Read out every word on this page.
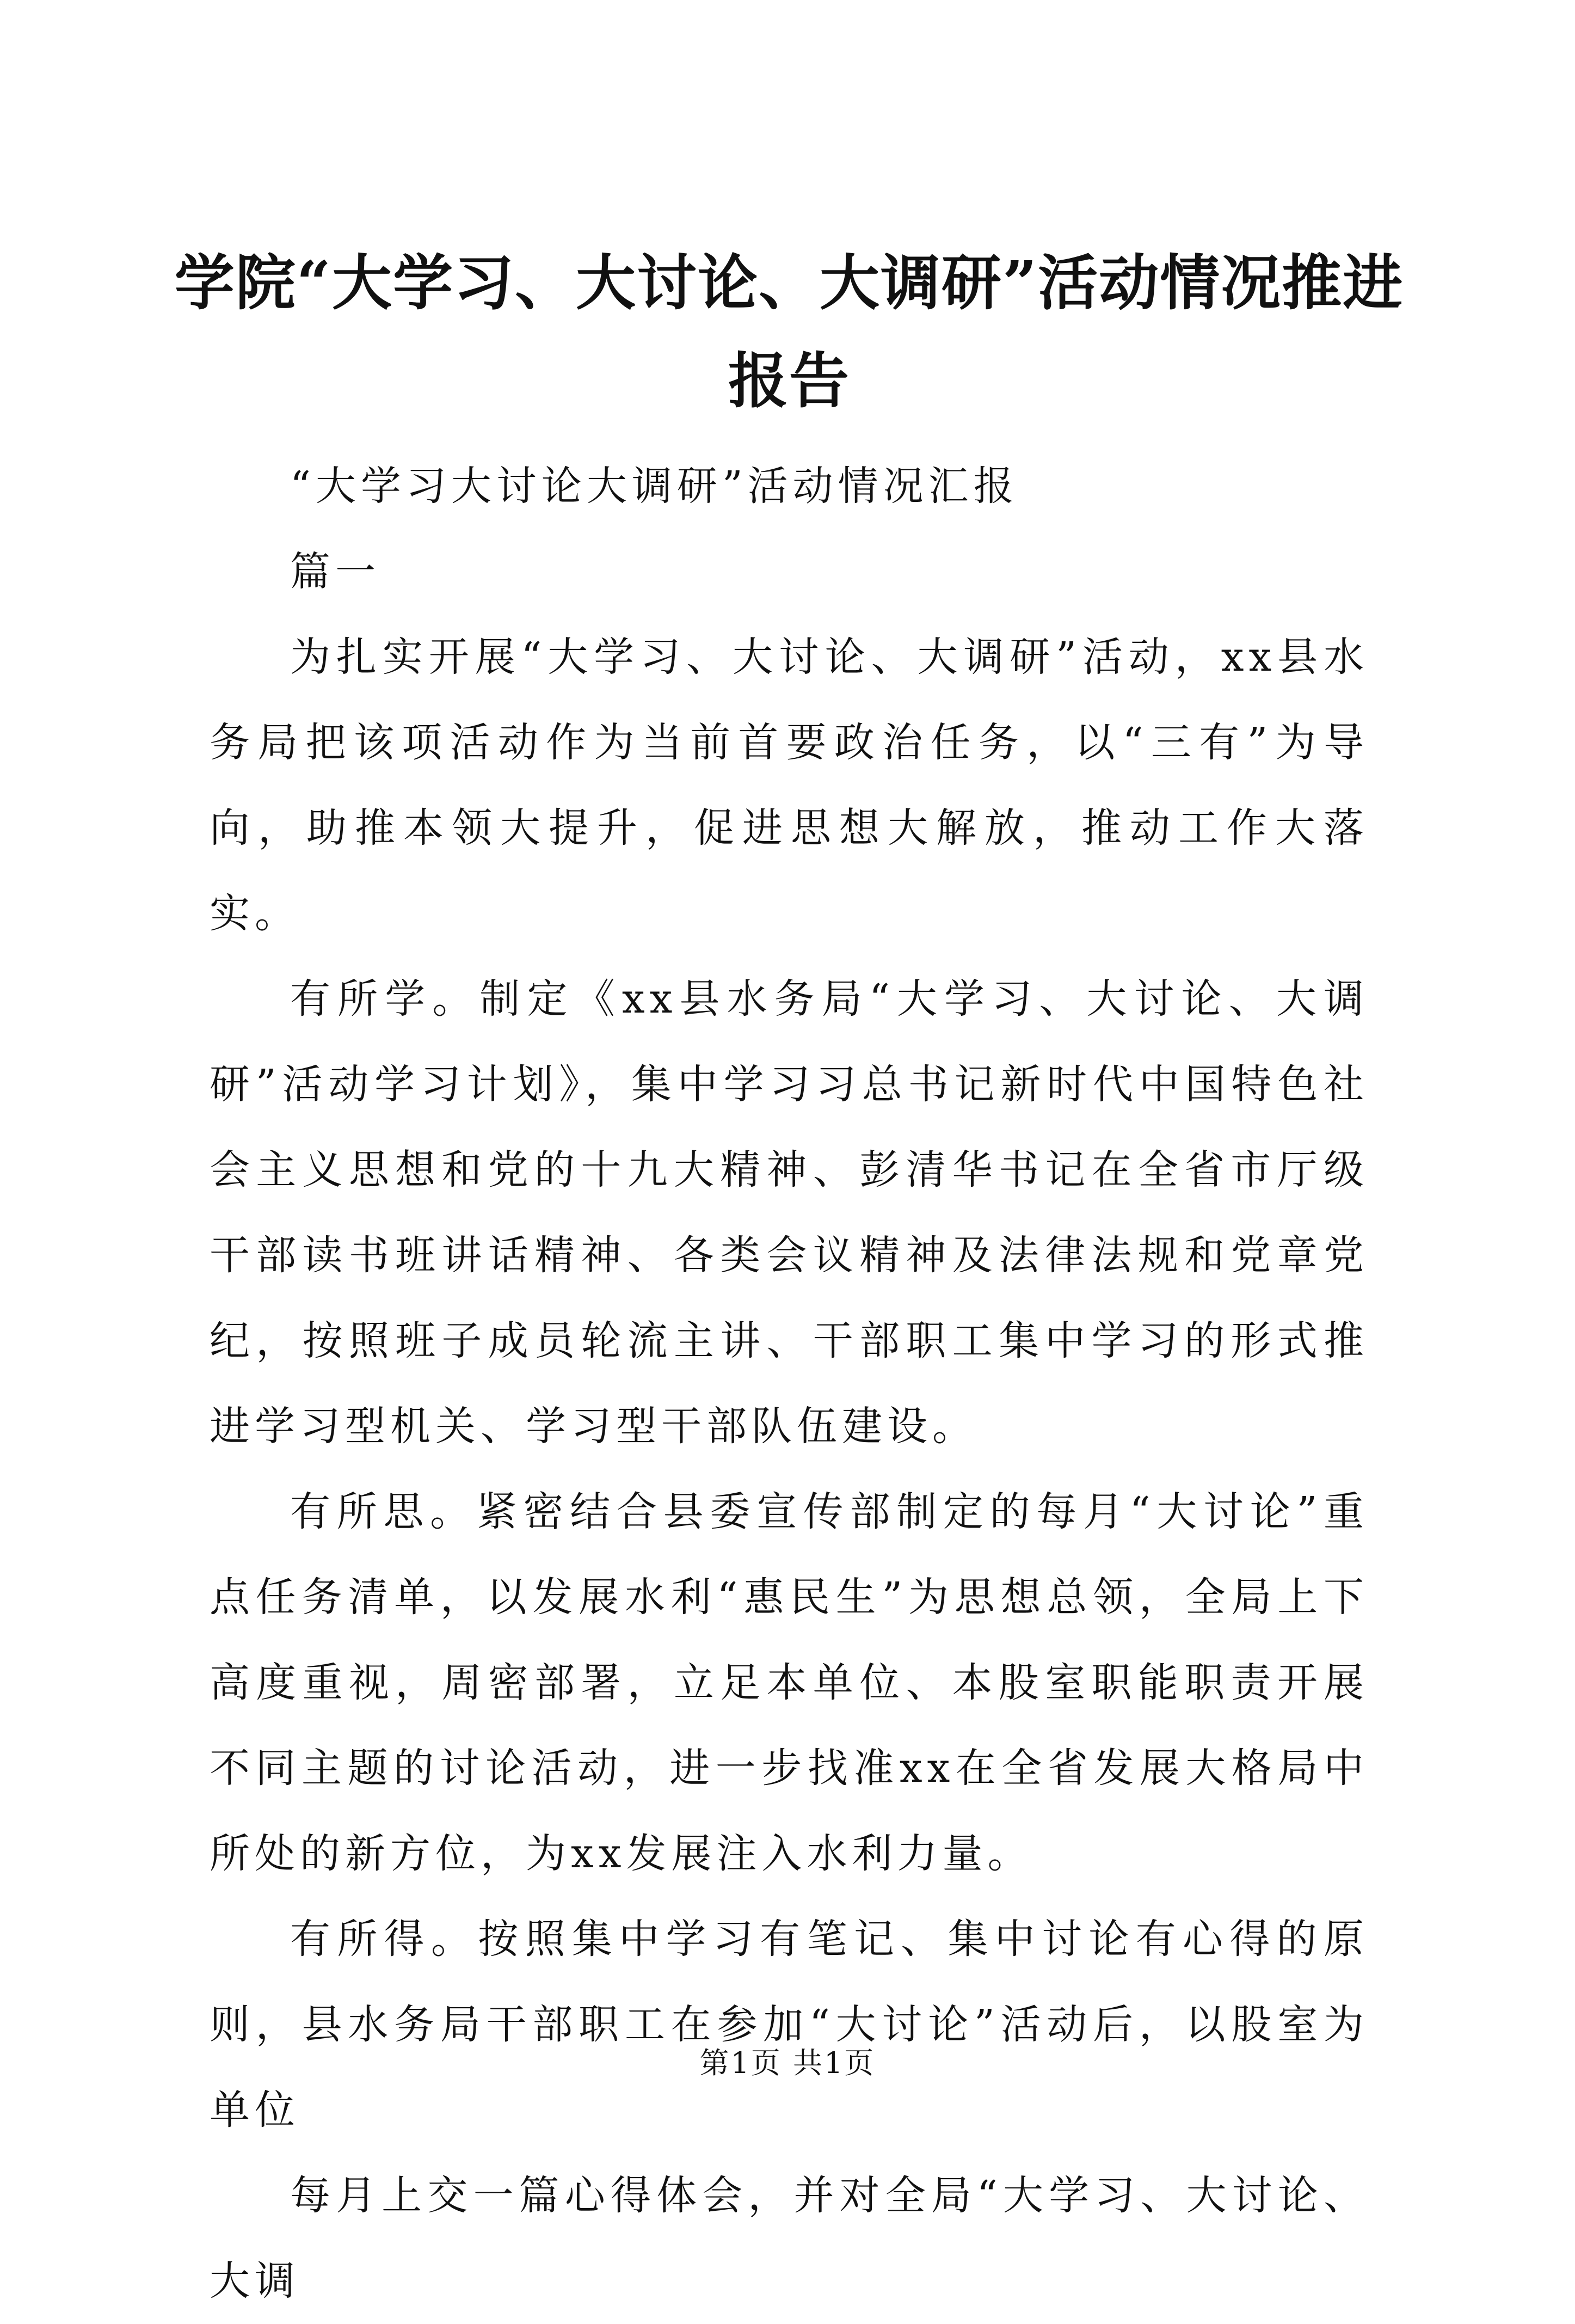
学院“大学习、大讨论、大调研”活动情况推进报告

“大学习大讨论大调研”活动情况汇报

篇一

为扎实开展“大学习、大讨论、大调研”活动，xx县水务局把该项活动作为当前首要政治任务，以“三有”为导向，助推本领大提升，促进思想大解放，推动工作大落实。

有所学。制定《xx县水务局“大学习、大讨论、大调研”活动学习计划》，集中学习习总书记新时代中国特色社会主义思想和党的十九大精神、彭清华书记在全省市厅级干部读书班讲话精神、各类会议精神及法律法规和党章党纪，按照班子成员轮流主讲、干部职工集中学习的形式推进学习型机关、学习型干部队伍建设。

有所思。紧密结合县委宣传部制定的每月“大讨论”重点任务清单，以发展水利“惠民生”为思想总领，全局上下高度重视，周密部署，立足本单位、本股室职能职责开展不同主题的讨论活动，进一步找准xx在全省发展大格局中所处的新方位，为xx发展注入水利力量。

有所得。按照集中学习有笔记、集中讨论有心得的原则，县水务局干部职工在参加“大讨论”活动后，以股室为单位

每月上交一篇心得体会，并对全局“大学习、大讨论、大调

第1页 共1页
